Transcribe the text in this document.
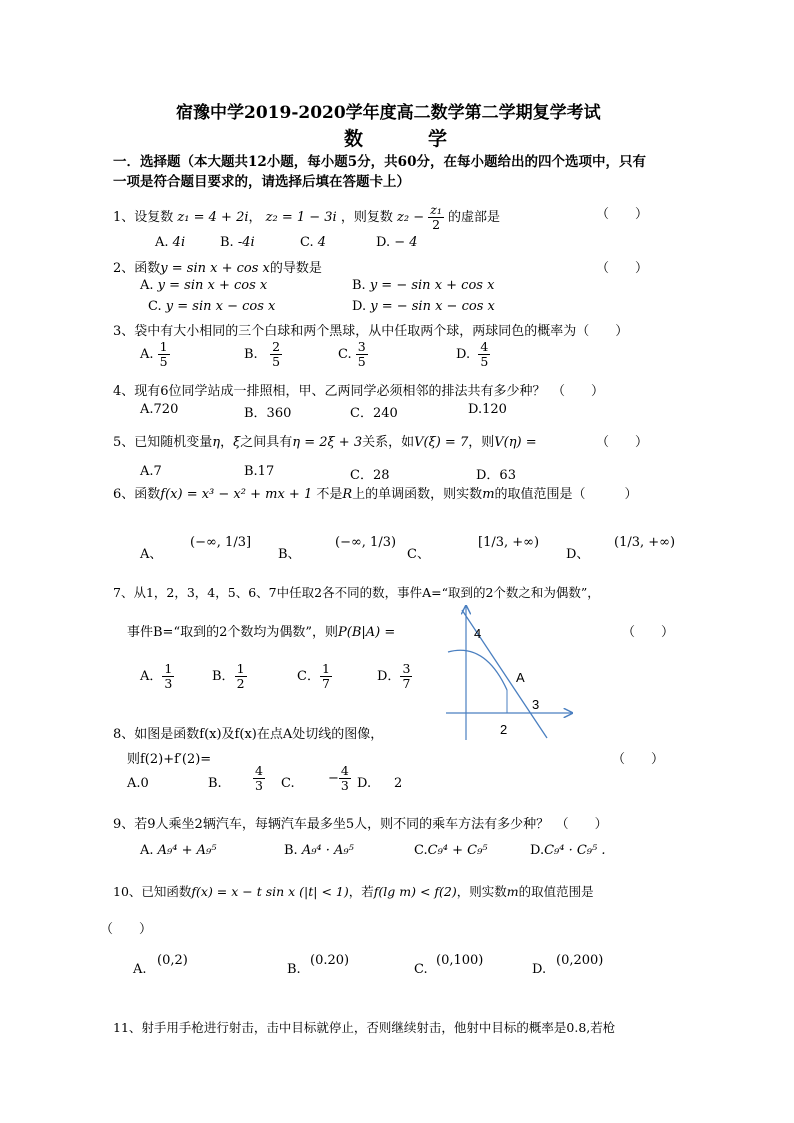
宿豫中学2019-2020学年度高二数学第二学期复学考试
数　　　学
一．选择题（本大题共12小题，每小题5分，共60分，在每小题给出的四个选项中，只有
一项是符合题目要求的，请选择后填在答题卡上）
1、设复数 z₁ = 4 + 2i， z₂ = 1 − 3i ，则复数 $z_2 - \frac{\text{z₁}}{2}$ 的虚部是	（　　）
A. 4i	B. -4i	C. 4	D. − 4
2、函数y = sin x + cos x的导数是	（　　）
A. y = sin x + cos x	B. y = − sin x + cos x
C. y = sin x − cos x	D. y = − sin x − cos x
3、袋中有大小相同的三个白球和两个黑球，从中任取两个球，两球同色的概率为（　　）
A. $\frac{1}{5}$	B. $\frac{2}{5}$	C. $\frac{3}{5}$	D. $\frac{4}{5}$
4、现有6位同学站成一排照相，甲、乙两同学必须相邻的排法共有多少种？　（　　）
A.720	B．360	C．240	D.120
5、已知随机变量η，ξ之间具有η = 2ξ + 3关系，如V(ξ) = 7，则V(η) =	（　　）
A.7	B.17	C．28	D．63
6、函数f(x) = x³ − x² + mx + 1 不是R上的单调函数，则实数m的取值范围是（　　　）
A、
(−∞, 1/3]
B、
(−∞, 1/3)
C、
[1/3, +∞)
D、
(1/3, +∞)
7、从1，2，3，4，5、6、7中任取2各不同的数，事件A=“取到的2个数之和为偶数”，
事件B=“取到的2个数均为偶数”，则P(B|A) =	（　　）
A． $\frac{1}{3}$	B． $\frac{1}{2}$	C． $\frac{1}{7}$	D． $\frac{3}{7}$
4
A
3
2
8、如图是函数f(x)及f(x)在点A处切线的图像，
则f(2)+f′(2)=	（　　）
A.0	B.	$\frac{4}{3} C$.	− $\frac{4}{3} D$. 2
9、若9人乘坐2辆汽车，每辆汽车最多坐5人，则不同的乘车方法有多少种？　（　　）
A. A₉⁴ + A₉⁵	B. A₉⁴ · A₉⁵	C.C₉⁴ + C₉⁵	D.C₉⁴ · C₉⁵ .
10、已知函数f(x) = x − t sin x (|t| < 1)，若f(lg m) < f(2)，则实数m的取值范围是
（　　）
A.
(0,2)
B.
(0.20)
C.
(0,100)
D.
(0,200)
11、射手用手枪进行射击，击中目标就停止，否则继续射击，他射中目标的概率是0.8,若枪
